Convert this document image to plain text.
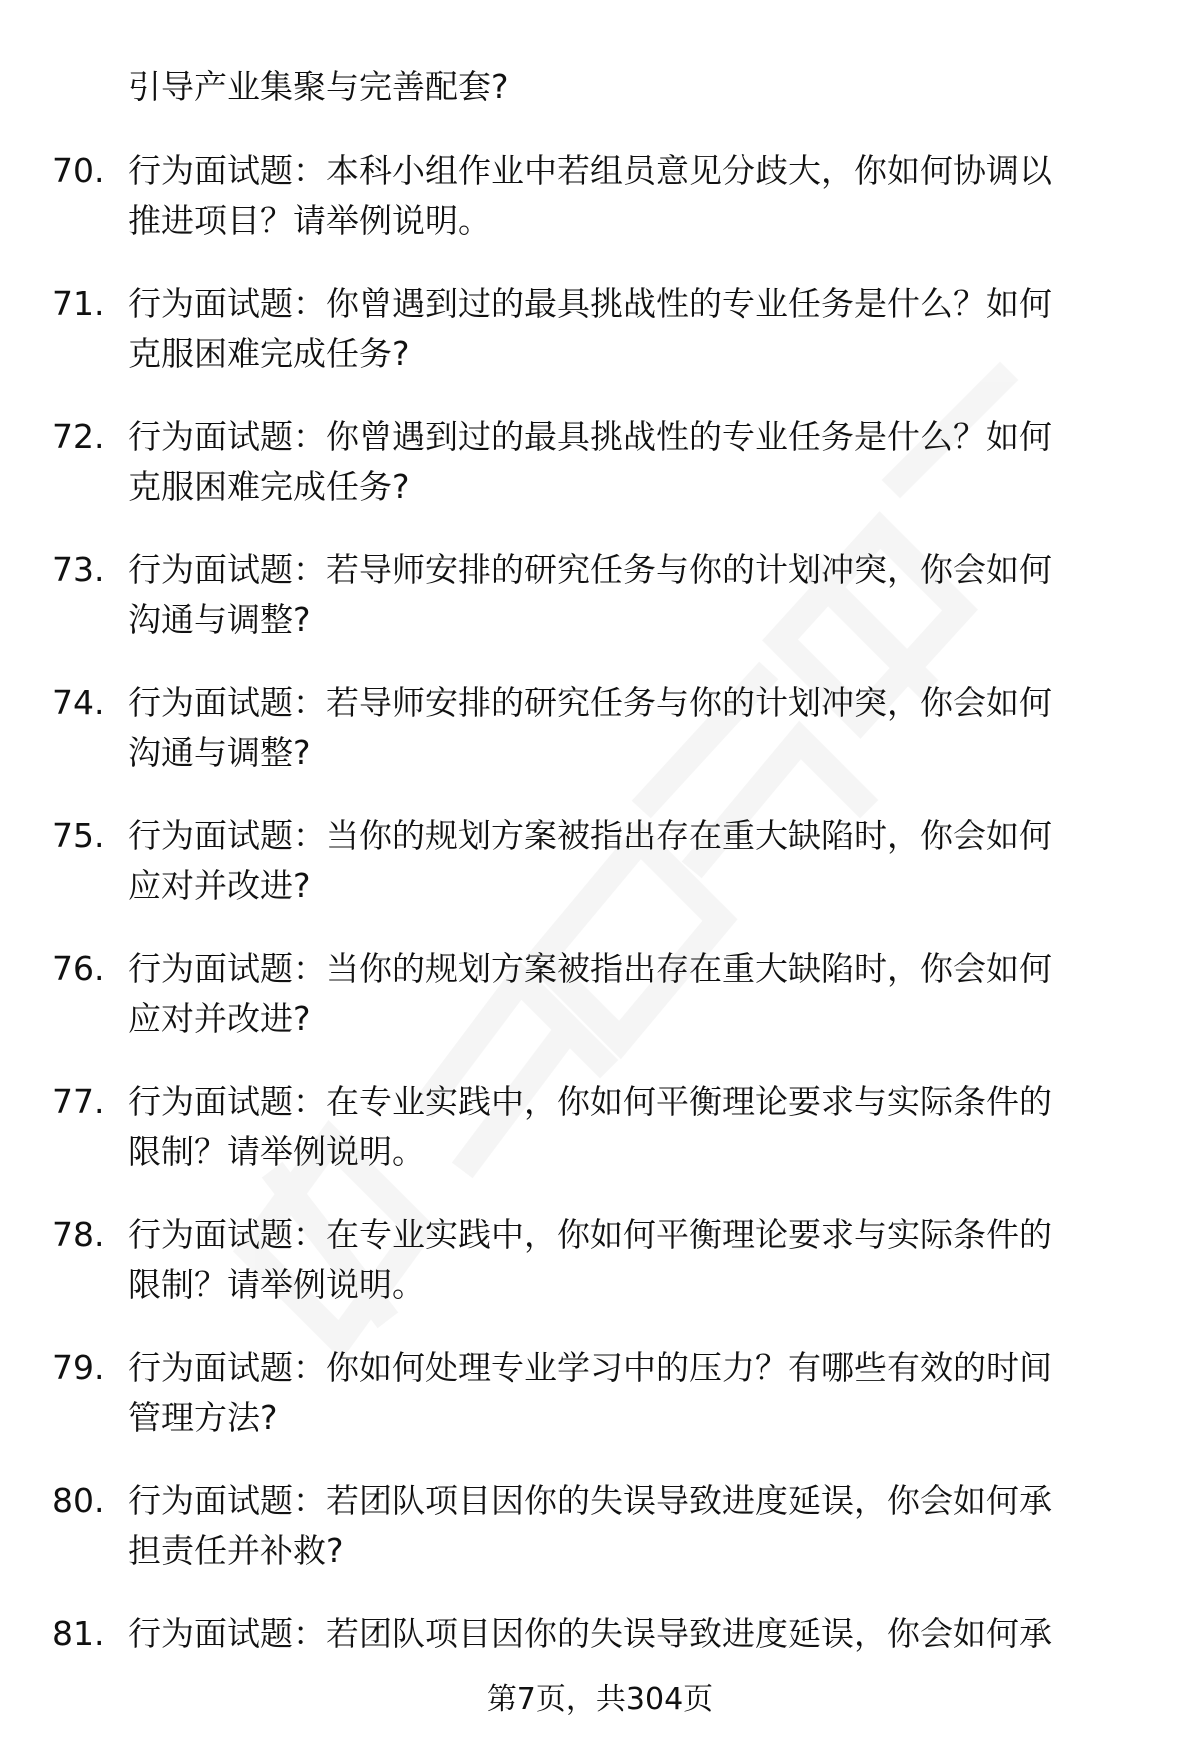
引导产业集聚与完善配套?
70. 行为面试题：本科小组作业中若组员意见分歧大，你如何协调以
推进项目？请举例说明。
71. 行为面试题：你曾遇到过的最具挑战性的专业任务是什么？如何
克服困难完成任务?
72. 行为面试题：你曾遇到过的最具挑战性的专业任务是什么？如何
克服困难完成任务?
73. 行为面试题：若导师安排的研究任务与你的计划冲突，你会如何
沟通与调整?
74. 行为面试题：若导师安排的研究任务与你的计划冲突，你会如何
沟通与调整?
75. 行为面试题：当你的规划方案被指出存在重大缺陷时，你会如何
应对并改进?
76. 行为面试题：当你的规划方案被指出存在重大缺陷时，你会如何
应对并改进?
77. 行为面试题：在专业实践中，你如何平衡理论要求与实际条件的
限制？请举例说明。
78. 行为面试题：在专业实践中，你如何平衡理论要求与实际条件的
限制？请举例说明。
79. 行为面试题：你如何处理专业学习中的压力？有哪些有效的时间
管理方法?
80. 行为面试题：若团队项目因你的失误导致进度延误，你会如何承
担责任并补救?
81. 行为面试题：若团队项目因你的失误导致进度延误，你会如何承
第7页，共304页
